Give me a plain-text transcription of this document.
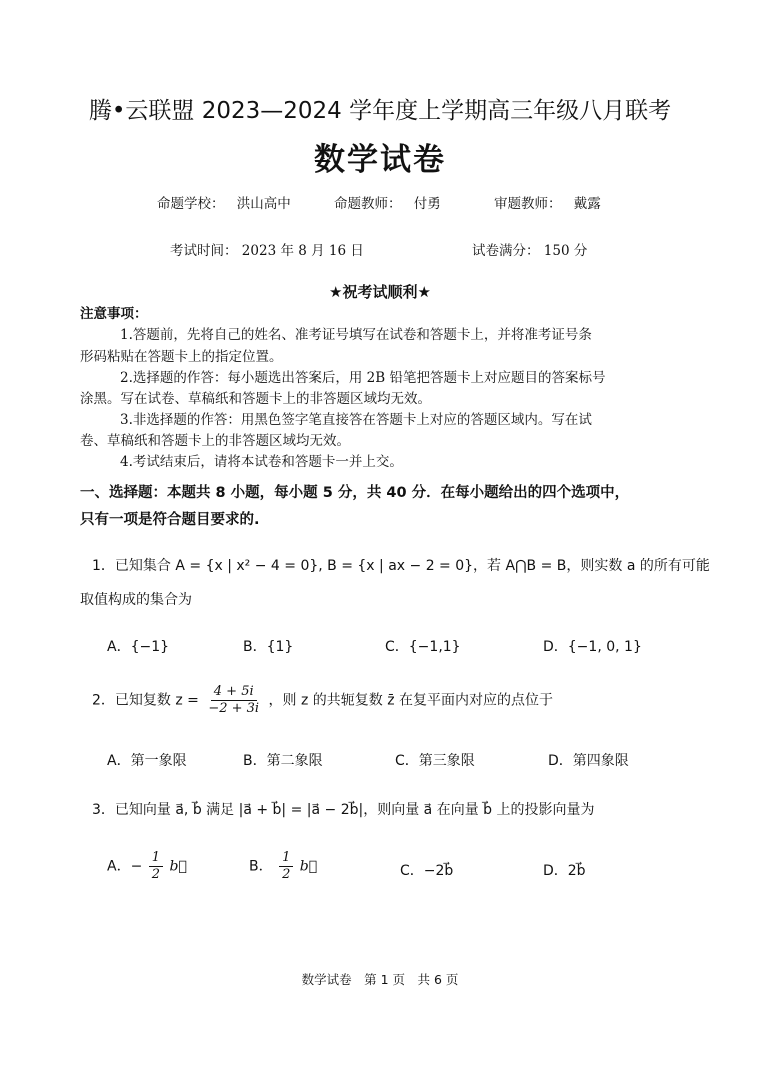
腾•云联盟 2023—2024 学年度上学期高三年级八月联考
数学试卷
命题学校： 洪山高中	命题教师： 付勇	审题教师： 戴露
考试时间： 2023 年 8 月 16 日	试卷满分： 150 分
★祝考试顺利★
注意事项：
1.答题前，先将自己的姓名、准考证号填写在试卷和答题卡上，并将准考证号条
形码粘贴在答题卡上的指定位置。
2.选择题的作答：每小题选出答案后，用 2B 铅笔把答题卡上对应题目的答案标号
涂黑。写在试卷、草稿纸和答题卡上的非答题区域均无效。
3.非选择题的作答：用黑色签字笔直接答在答题卡上对应的答题区域内。写在试
卷、草稿纸和答题卡上的非答题区域均无效。
4.考试结束后，请将本试卷和答题卡一并上交。
一、选择题：本题共 8 小题，每小题 5 分，共 40 分．在每小题给出的四个选项中，
只有一项是符合题目要求的.
1．已知集合 A = {x | x² − 4 = 0}, B = {x | ax − 2 = 0}，若 A⋂B = B，则实数 a 的所有可能
取值构成的集合为
A．{−1}	B．{1}	C．{−1,1}	D．{−1, 0, 1}
2．已知复数 $z = \frac{4 + 5i}{-2 + 3i}$ ，则 z 的共轭复数 z̄ 在复平面内对应的点位于
A．第一象限	B．第二象限	C．第三象限	D．第四象限
3．已知向量 a⃗, b⃗ 满足 |a⃗ + b⃗| = |a⃗ − 2b⃗|，则向量 a⃗ 在向量 b⃗ 上的投影向量为
A．− $\frac{1}{2}$ b⃗	B． $\frac{1}{2}$ b⃗	C．−2b⃗	D．2b⃗
数学试卷　第 1 页　共 6 页
